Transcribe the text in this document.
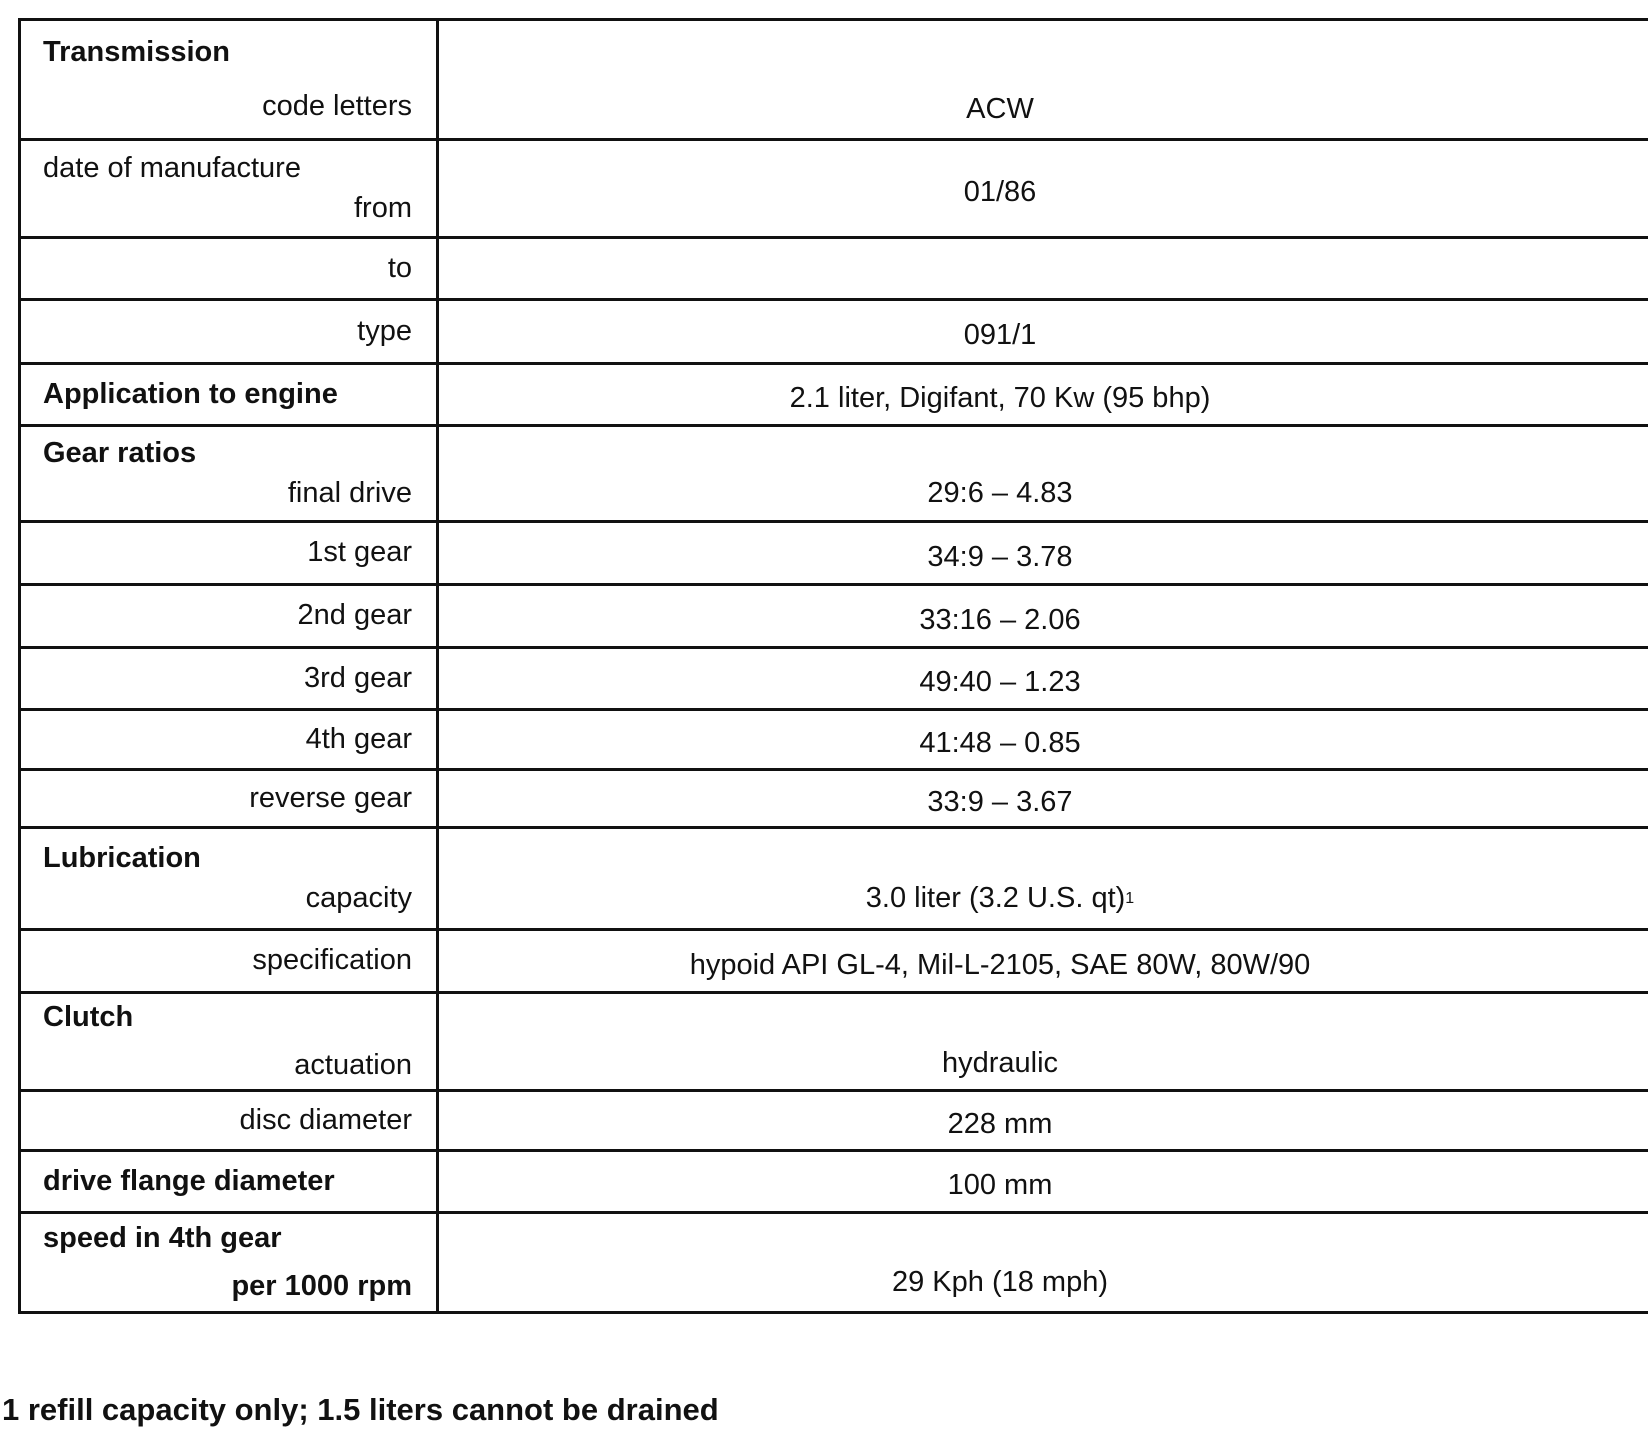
Transmission
code letters	ACW
date of manufacture
from	01/86
to
type	091/1
Application to engine	2.1 liter, Digifant, 70 Kw (95 bhp)
Gear ratios
final drive	29:6 – 4.83
1st gear	34:9 – 3.78
2nd gear	33:16 – 2.06
3rd gear	49:40 – 1.23
4th gear	41:48 – 0.85
reverse gear	33:9 – 3.67
Lubrication
capacity	3.0 liter (3.2 U.S. qt) 1
specification	hypoid API GL-4, Mil-L-2105, SAE 80W, 80W/90
Clutch
actuation	hydraulic
disc diameter	228 mm
drive flange diameter	100 mm
speed in 4th gear
per 1000 rpm	29 Kph (18 mph)
1 refill capacity only; 1.5 liters cannot be drained
